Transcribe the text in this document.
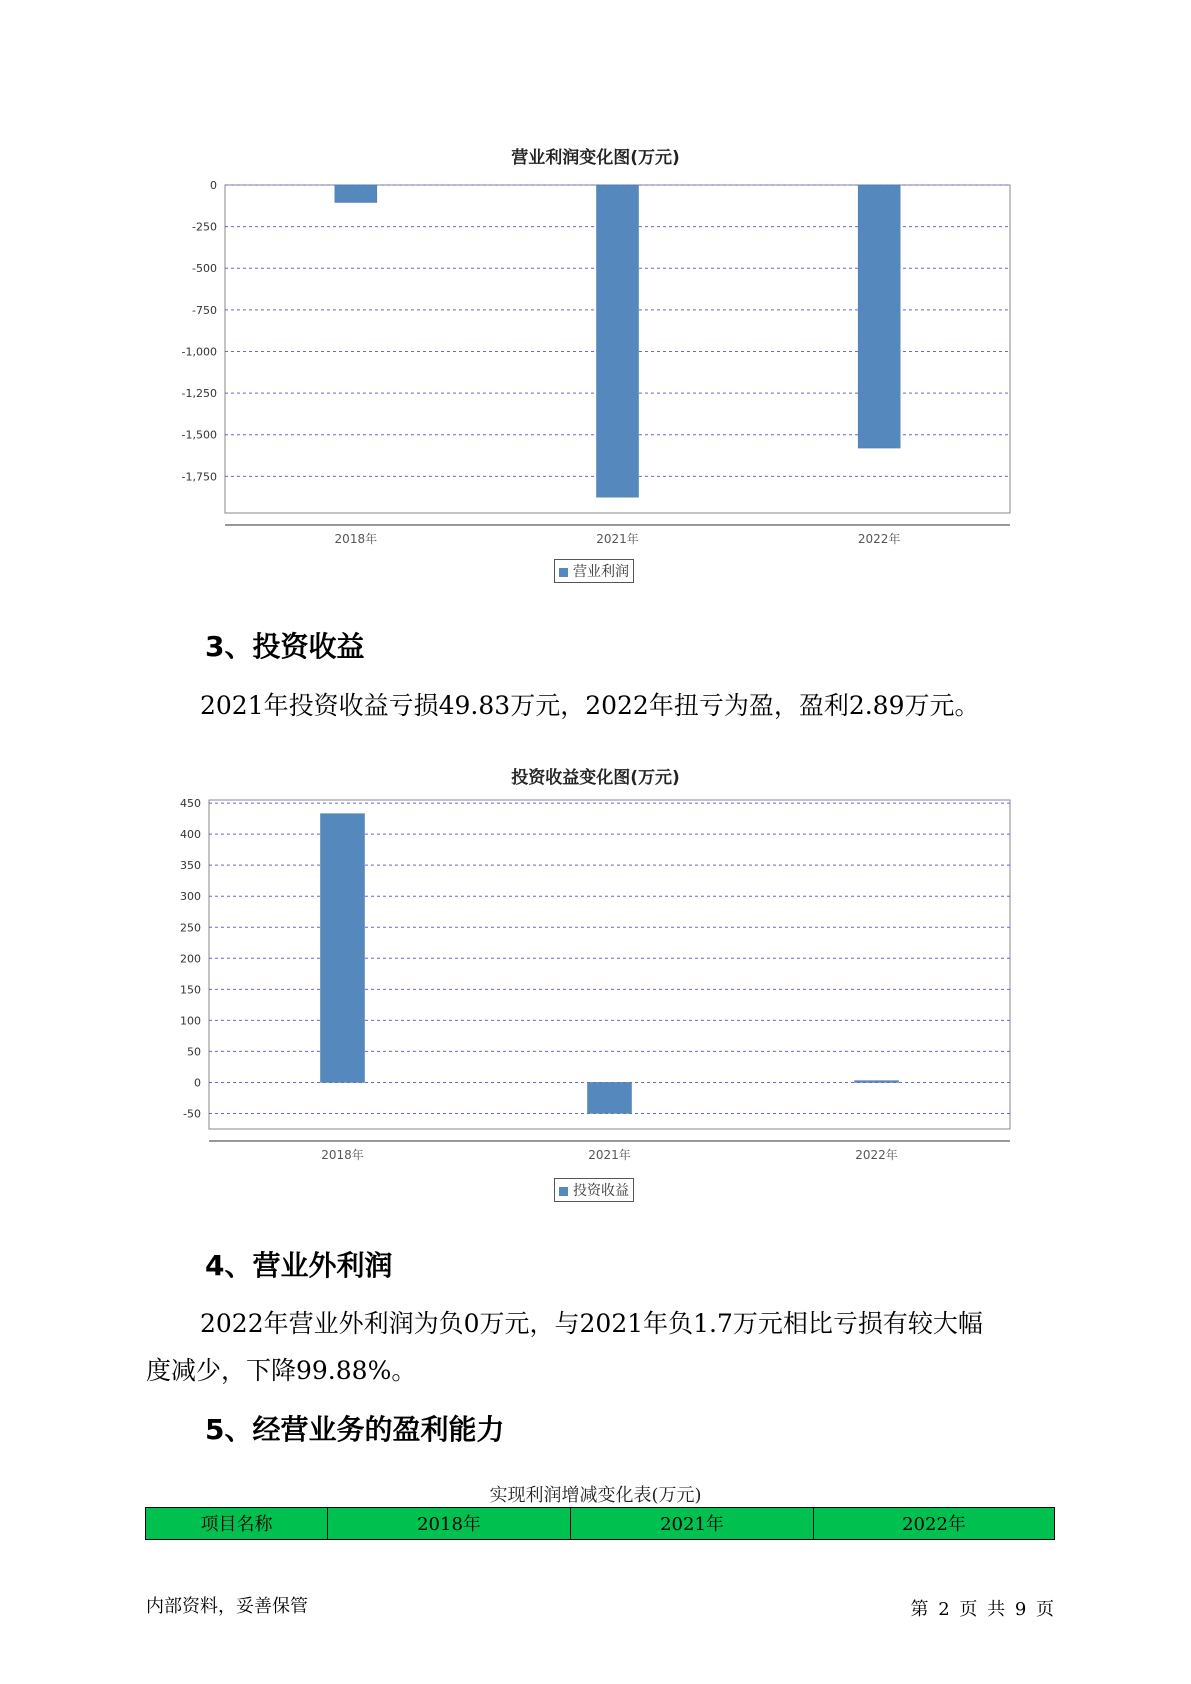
营业利润变化图(万元)
0
-250
-500
-750
-1,000
-1,250
-1,500
-1,750
2018年	2021年	2022年
营业利润
3、投资收益
2021年投资收益亏损49.83万元，2022年扭亏为盈，盈利2.89万元。
投资收益变化图(万元)
450
400
350
300
250
200
150
100
50
0
-50
2018年	2021年	2022年
投资收益
4、营业外利润
2022年营业外利润为负0万元，与2021年负1.7万元相比亏损有较大幅
度减少，下降99.88%。
5、经营业务的盈利能力
实现利润增减变化表(万元)
项目名称	2018年	2021年	2022年
内部资料，妥善保管	第 2 页 共 9 页
